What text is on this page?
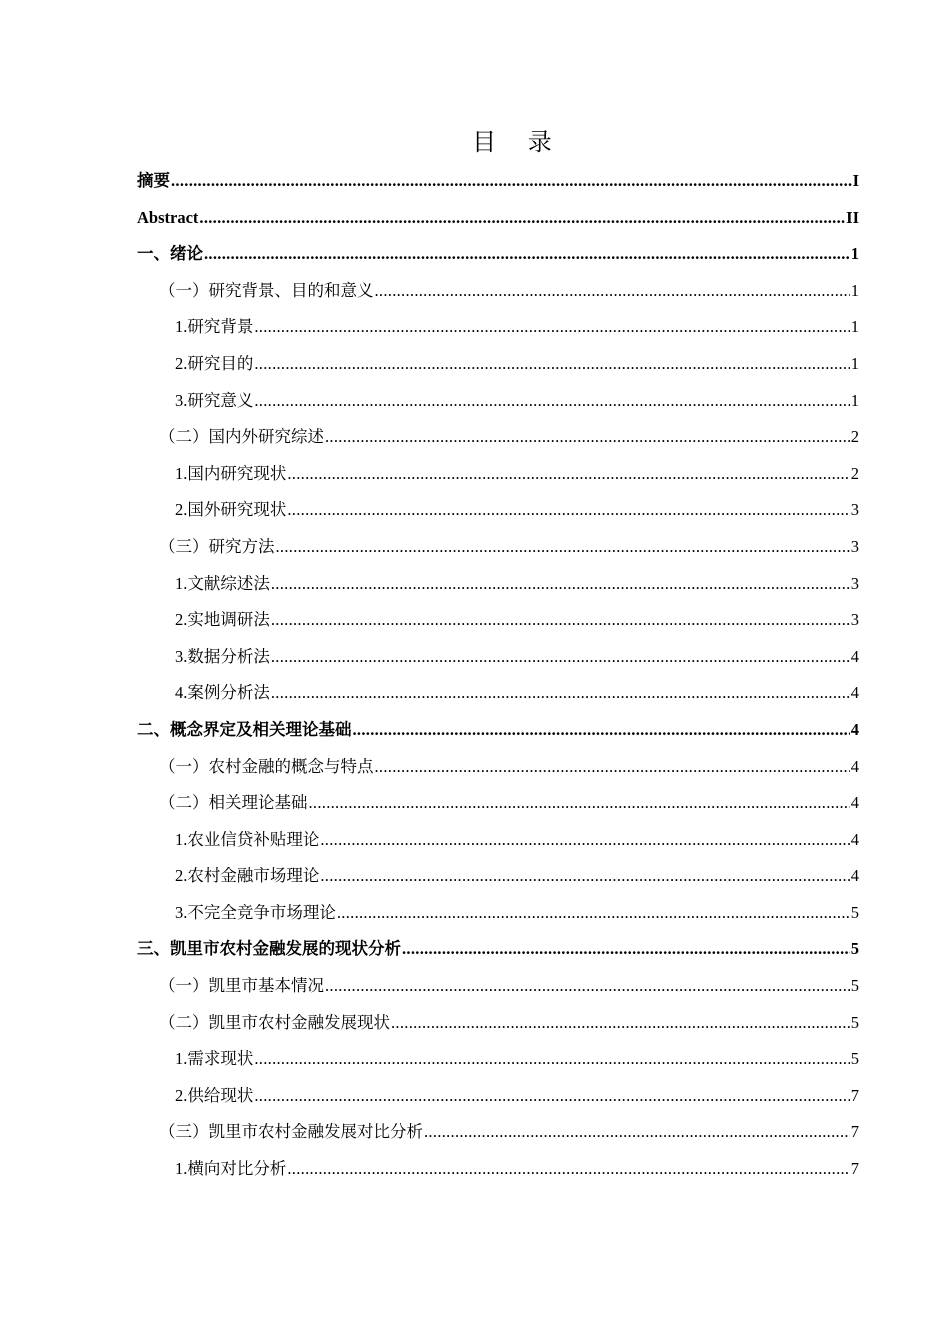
目 录
摘要 .....	I
Abstract .....	II
一、绪论 .....	1
（一）研究背景、目的和意义 .....	1
1.研究背景 .....	1
2.研究目的 .....	1
3.研究意义 .....	1
（二）国内外研究综述 .....	2
1.国内研究现状 .....	2
2.国外研究现状 .....	3
（三）研究方法 .....	3
1.文献综述法 .....	3
2.实地调研法 .....	3
3.数据分析法 .....	4
4.案例分析法 .....	4
二、概念界定及相关理论基础 .....	4
（一）农村金融的概念与特点 .....	4
（二）相关理论基础 .....	4
1.农业信贷补贴理论 .....	4
2.农村金融市场理论 .....	4
3.不完全竞争市场理论 .....	5
三、凯里市农村金融发展的现状分析 .....	5
（一）凯里市基本情况 .....	5
（二）凯里市农村金融发展现状 .....	5
1.需求现状 .....	5
2.供给现状 .....	7
（三）凯里市农村金融发展对比分析 .....	7
1.横向对比分析 .....	7
